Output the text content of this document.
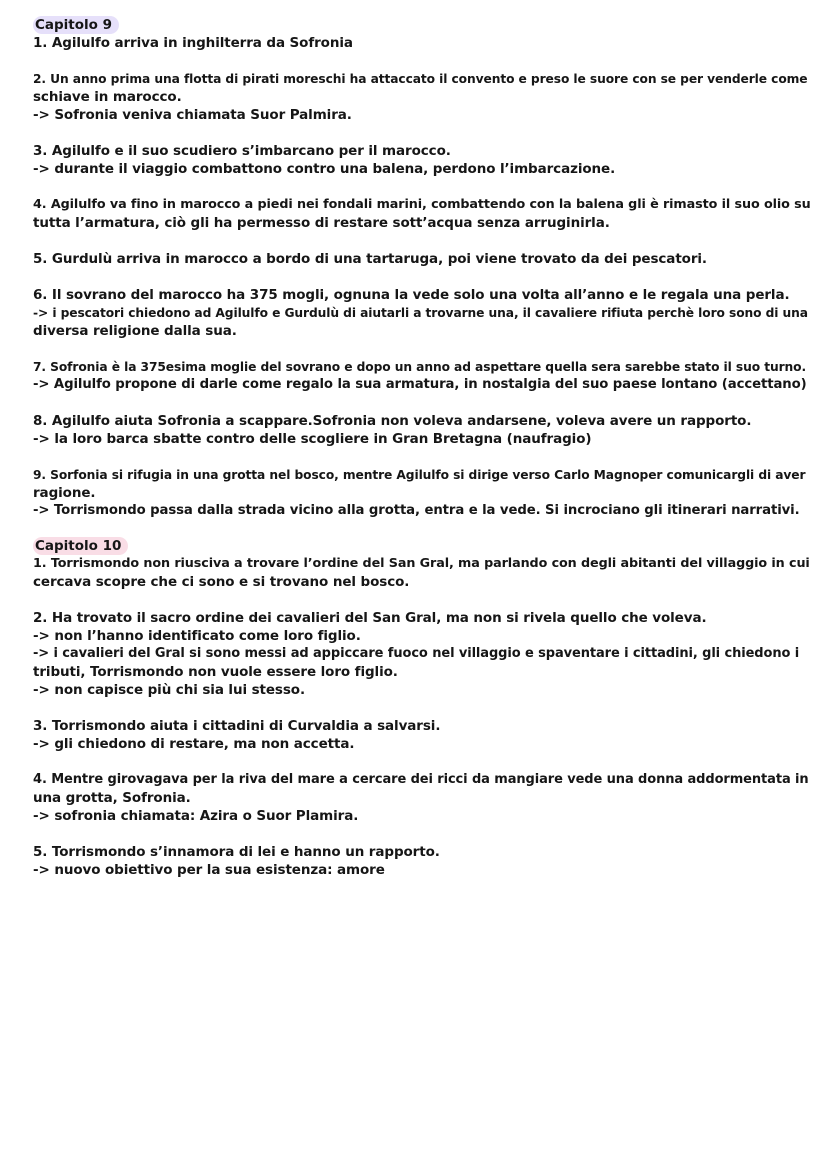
Capitolo 9
1. Agilulfo arriva in inghilterra da Sofronia
2. Un anno prima una flotta di pirati moreschi ha attaccato il convento e preso le suore con se per venderle come
schiave in marocco.
-> Sofronia veniva chiamata Suor Palmira.
3. Agilulfo e il suo scudiero s’imbarcano per il marocco.
-> durante il viaggio combattono contro una balena, perdono l’imbarcazione.
4. Agilulfo va fino in marocco a piedi nei fondali marini, combattendo con la balena gli è rimasto il suo olio su
tutta l’armatura, ciò gli ha permesso di restare sott’acqua senza arruginirla.
5. Gurdulù arriva in marocco a bordo di una tartaruga, poi viene trovato da dei pescatori.
6. Il sovrano del marocco ha 375 mogli, ognuna la vede solo una volta all’anno e le regala una perla.
-> i pescatori chiedono ad Agilulfo e Gurdulù di aiutarli a trovarne una, il cavaliere rifiuta perchè loro sono di una
diversa religione dalla sua.
7. Sofronia è la 375esima moglie del sovrano e dopo un anno ad aspettare quella sera sarebbe stato il suo turno.
-> Agilulfo propone di darle come regalo la sua armatura, in nostalgia del suo paese lontano (accettano)
8. Agilulfo aiuta Sofronia a scappare.Sofronia non voleva andarsene, voleva avere un rapporto.
-> la loro barca sbatte contro delle scogliere in Gran Bretagna (naufragio)
9. Sorfonia si rifugia in una grotta nel bosco, mentre Agilulfo si dirige verso Carlo Magnoper comunicargli di aver
ragione.
-> Torrismondo passa dalla strada vicino alla grotta, entra e la vede. Si incrociano gli itinerari narrativi.
Capitolo 10
1. Torrismondo non riusciva a trovare l’ordine del San Gral, ma parlando con degli abitanti del villaggio in cui
cercava scopre che ci sono e si trovano nel bosco.
2. Ha trovato il sacro ordine dei cavalieri del San Gral, ma non si rivela quello che voleva.
-> non l’hanno identificato come loro figlio.
-> i cavalieri del Gral si sono messi ad appiccare fuoco nel villaggio e spaventare i cittadini, gli chiedono i
tributi, Torrismondo non vuole essere loro figlio.
-> non capisce più chi sia lui stesso.
3. Torrismondo aiuta i cittadini di Curvaldia a salvarsi.
-> gli chiedono di restare, ma non accetta.
4. Mentre girovagava per la riva del mare a cercare dei ricci da mangiare vede una donna addormentata in
una grotta, Sofronia.
-> sofronia chiamata: Azira o Suor Plamira.
5. Torrismondo s’innamora di lei e hanno un rapporto.
-> nuovo obiettivo per la sua esistenza: amore
